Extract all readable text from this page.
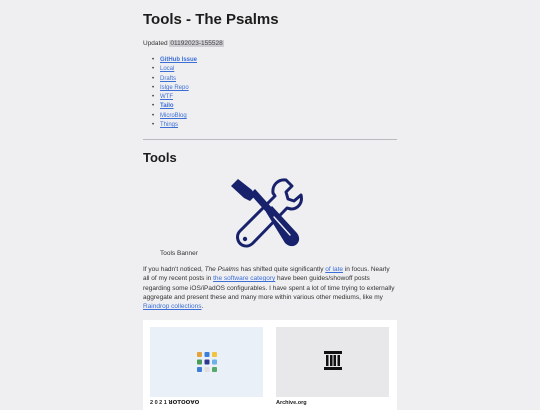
Tools - The Psalms
Updated 01192023-155528
• GitHub Issue
• Local
• Drafts
• Islge Repo
• WTF
• Tailo
• MicroBlog
• Things
Tools
Tools Banner

If you hadn't noticed, The Psalms has shifted quite significantly of late in focus. Nearly all of my recent posts in the software category have been guides/showoff posts regarding some iOS/iPadOS configurables. I have spent a lot of time trying to externally aggregate and present these and many more within various other mediums, like my Raindrop collections.

2 0 2 1 ꓤꓳꓔꓳꓳꓯꓳ	Archive.org
